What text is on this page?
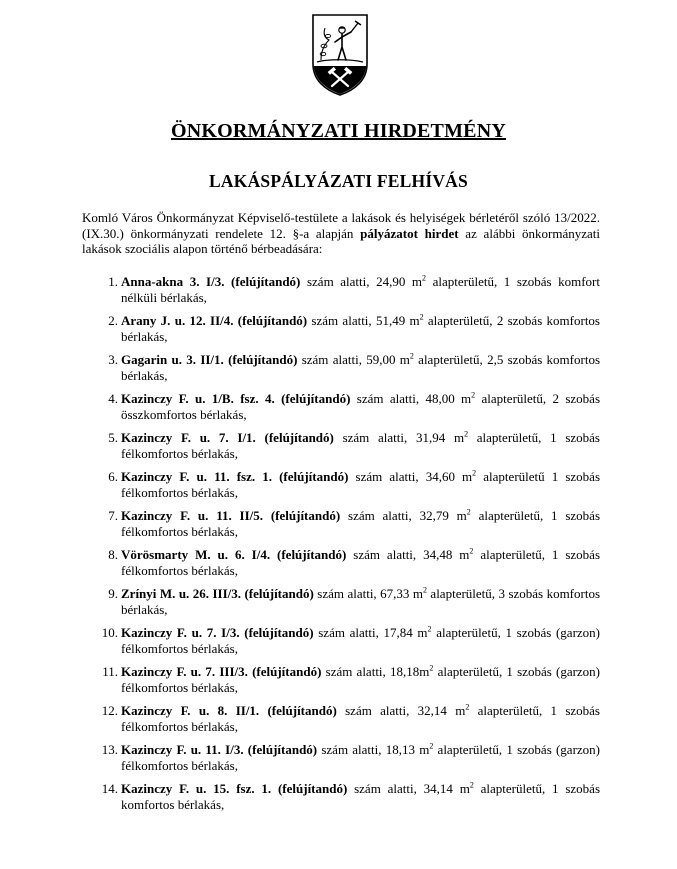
ÖNKORMÁNYZATI HIRDETMÉNY
LAKÁSPÁLYÁZATI FELHÍVÁS

Komló Város Önkormányzat Képviselő-testülete a lakások és helyiségek bérletéről szóló 13/2022. (IX.30.) önkormányzati rendelete 12. §-a alapján pályázatot hirdet az alábbi önkormányzati lakások szociális alapon történő bérbeadására:

1. Anna-akna 3. I/3. (felújítandó) szám alatti, 24,90 $m^2$ alapterületű, 1 szobás komfort nélküli bérlakás,
2. Arany J. u. 12. II/4. (felújítandó) szám alatti, 51,49 $m^2$ alapterületű, 2 szobás komfortos bérlakás,
3. Gagarin u. 3. II/1. (felújítandó) szám alatti, 59,00 $m^2$ alapterületű, 2,5 szobás komfortos bérlakás,
4. Kazinczy F. u. 1/B. fsz. 4. (felújítandó) szám alatti, 48,00 $m^2$ alapterületű, 2 szobás összkomfortos bérlakás,
5. Kazinczy F. u. 7. I/1. (felújítandó) szám alatti, 31,94 $m^2$ alapterületű, 1 szobás félkomfortos bérlakás,
6. Kazinczy F. u. 11. fsz. 1. (felújítandó) szám alatti, 34,60 $m^2$ alapterületű 1 szobás félkomfortos bérlakás,
7. Kazinczy F. u. 11. II/5. (felújítandó) szám alatti, 32,79 $m^2$ alapterületű, 1 szobás félkomfortos bérlakás,
8. Vörösmarty M. u. 6. I/4. (felújítandó) szám alatti, 34,48 $m^2$ alapterületű, 1 szobás félkomfortos bérlakás,
9. Zrínyi M. u. 26. III/3. (felújítandó) szám alatti, 67,33 $m^2$ alapterületű, 3 szobás komfortos bérlakás,
10. Kazinczy F. u. 7. I/3. (felújítandó) szám alatti, 17,84 $m^2$ alapterületű, 1 szobás (garzon) félkomfortos bérlakás,
11. Kazinczy F. u. 7. III/3. (felújítandó) szám alatti, $18,18m^2$ alapterületű, 1 szobás (garzon) félkomfortos bérlakás,
12. Kazinczy F. u. 8. II/1. (felújítandó) szám alatti, 32,14 $m^2$ alapterületű, 1 szobás félkomfortos bérlakás,
13. Kazinczy F. u. 11. I/3. (felújítandó) szám alatti, 18,13 $m^2$ alapterületű, 1 szobás (garzon) félkomfortos bérlakás,
14. Kazinczy F. u. 15. fsz. 1. (felújítandó) szám alatti, 34,14 $m^2$ alapterületű, 1 szobás komfortos bérlakás,
